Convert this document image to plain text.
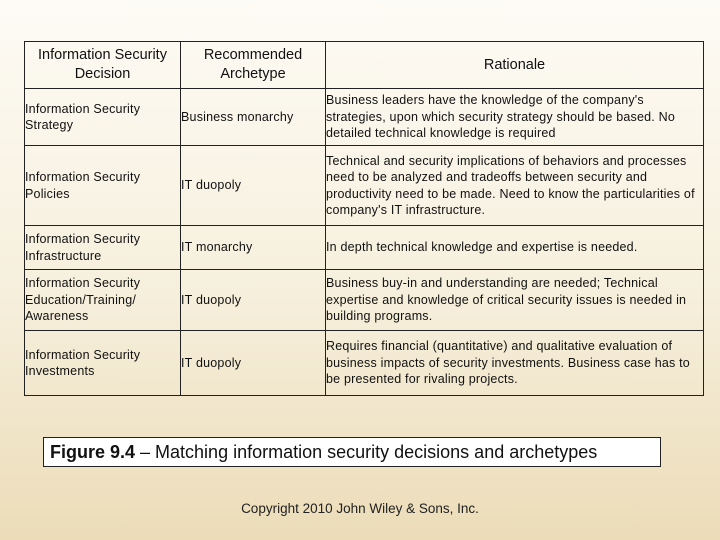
Information Security Decision	Recommended Archetype	Rationale
Information Security Strategy	Business monarchy	Business leaders have the knowledge of the company's strategies, upon which security strategy should be based. No detailed technical knowledge is required
Information Security Policies	IT duopoly	Technical and security implications of behaviors and processes need to be analyzed and tradeoffs between security and productivity need to be made. Need to know the particularities of company's IT infrastructure.
Information Security Infrastructure	IT monarchy	In depth technical knowledge and expertise is needed.
Information Security Education/Training/ Awareness	IT duopoly	Business buy-in and understanding are needed; Technical expertise and knowledge of critical security issues is needed in building programs.
Information Security Investments	IT duopoly	Requires financial (quantitative) and qualitative evaluation of business impacts of security investments. Business case has to be presented for rivaling projects.
Figure 9.4 – Matching information security decisions and archetypes
Copyright 2010 John Wiley & Sons, Inc.
